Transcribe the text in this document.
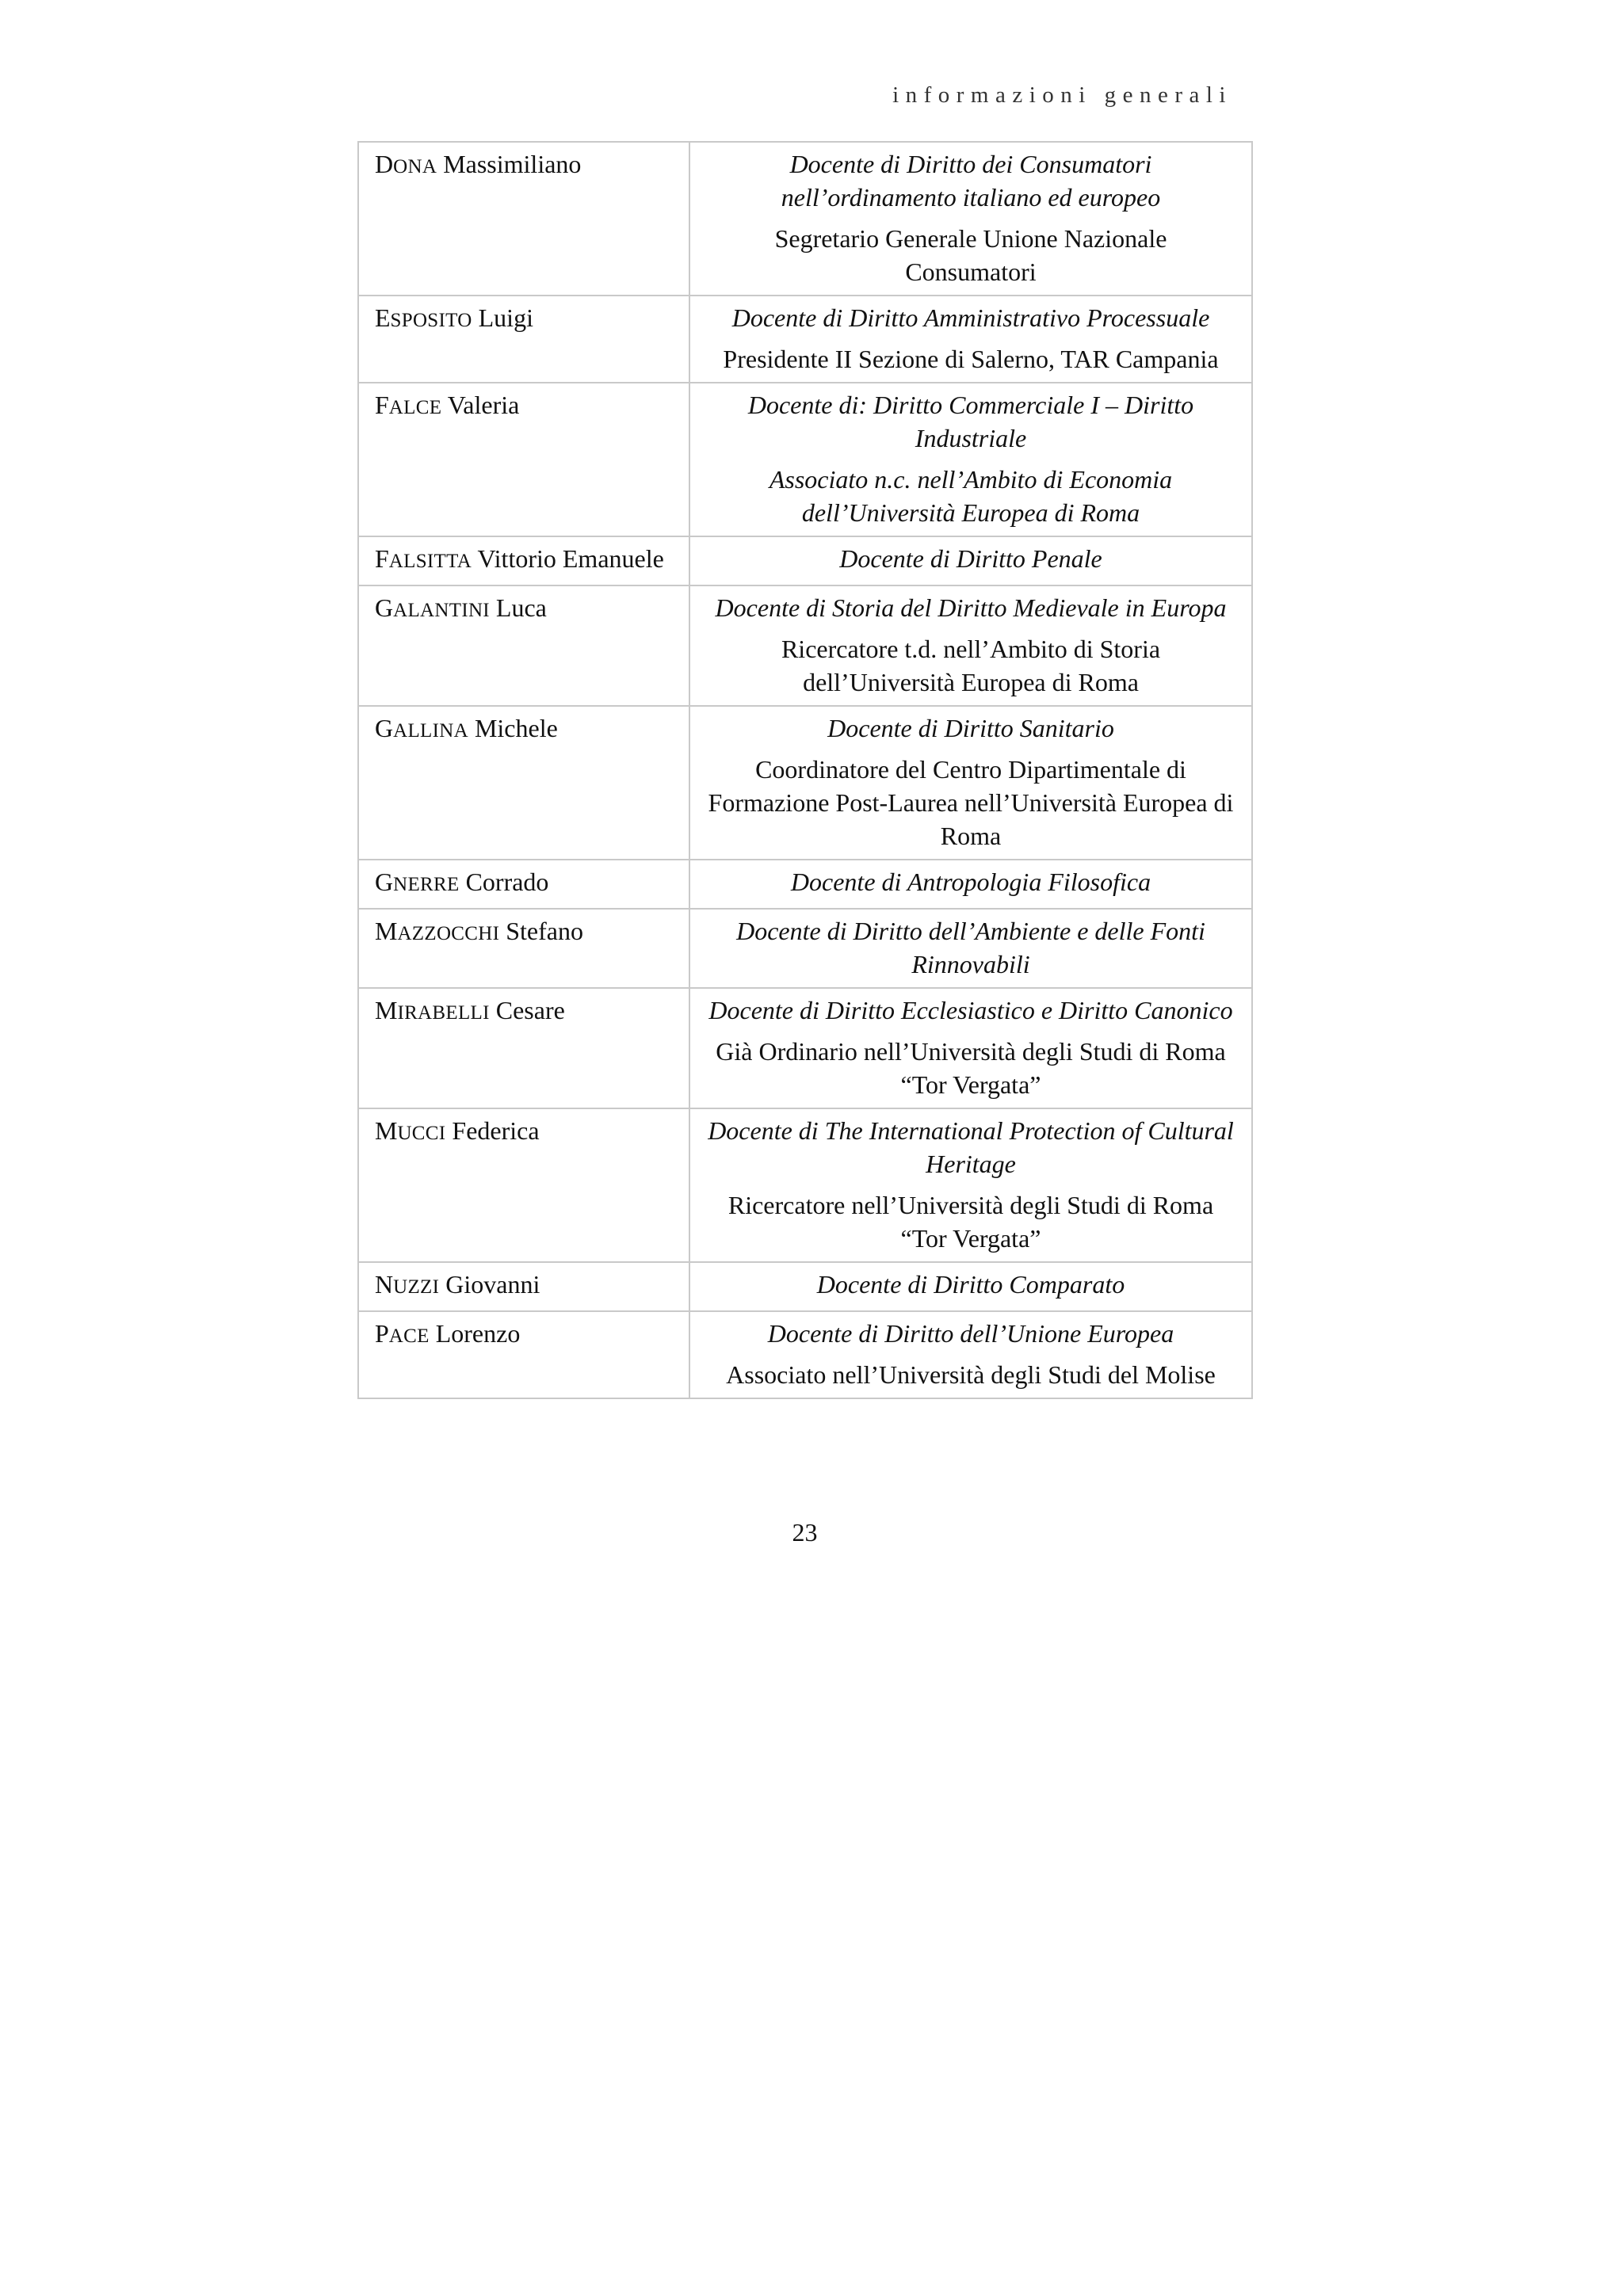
informazioni generali
DONA Massimiliano	Docente di Diritto dei Consumatori nell’ordinamento italiano ed europeo
Segretario Generale Unione Nazionale Consumatori

ESPOSITO Luigi	Docente di Diritto Amministrativo Processuale
Presidente II Sezione di Salerno, TAR Campania

FALCE Valeria	Docente di: Diritto Commerciale I – Diritto Industriale
Associato n.c. nell’Ambito di Economia dell’Università Europea di Roma

FALSITTA Vittorio Emanuele	Docente di Diritto Penale

GALANTINI Luca	Docente di Storia del Diritto Medievale in Europa
Ricercatore t.d. nell’Ambito di Storia dell’Università Europea di Roma

GALLINA Michele	Docente di Diritto Sanitario
Coordinatore del Centro Dipartimentale di Formazione Post-Laurea nell’Università Europea di Roma

GNERRE Corrado	Docente di Antropologia Filosofica

MAZZOCCHI Stefano	Docente di Diritto dell’Ambiente e delle Fonti Rinnovabili

MIRABELLI Cesare	Docente di Diritto Ecclesiastico e Diritto Canonico
Già Ordinario nell’Università degli Studi di Roma “Tor Vergata”

MUCCI Federica	Docente di The International Protection of Cultural Heritage
Ricercatore nell’Università degli Studi di Roma “Tor Vergata”

NUZZI Giovanni	Docente di Diritto Comparato

PACE Lorenzo	Docente di Diritto dell’Unione Europea
Associato nell’Università degli Studi del Molise
23
